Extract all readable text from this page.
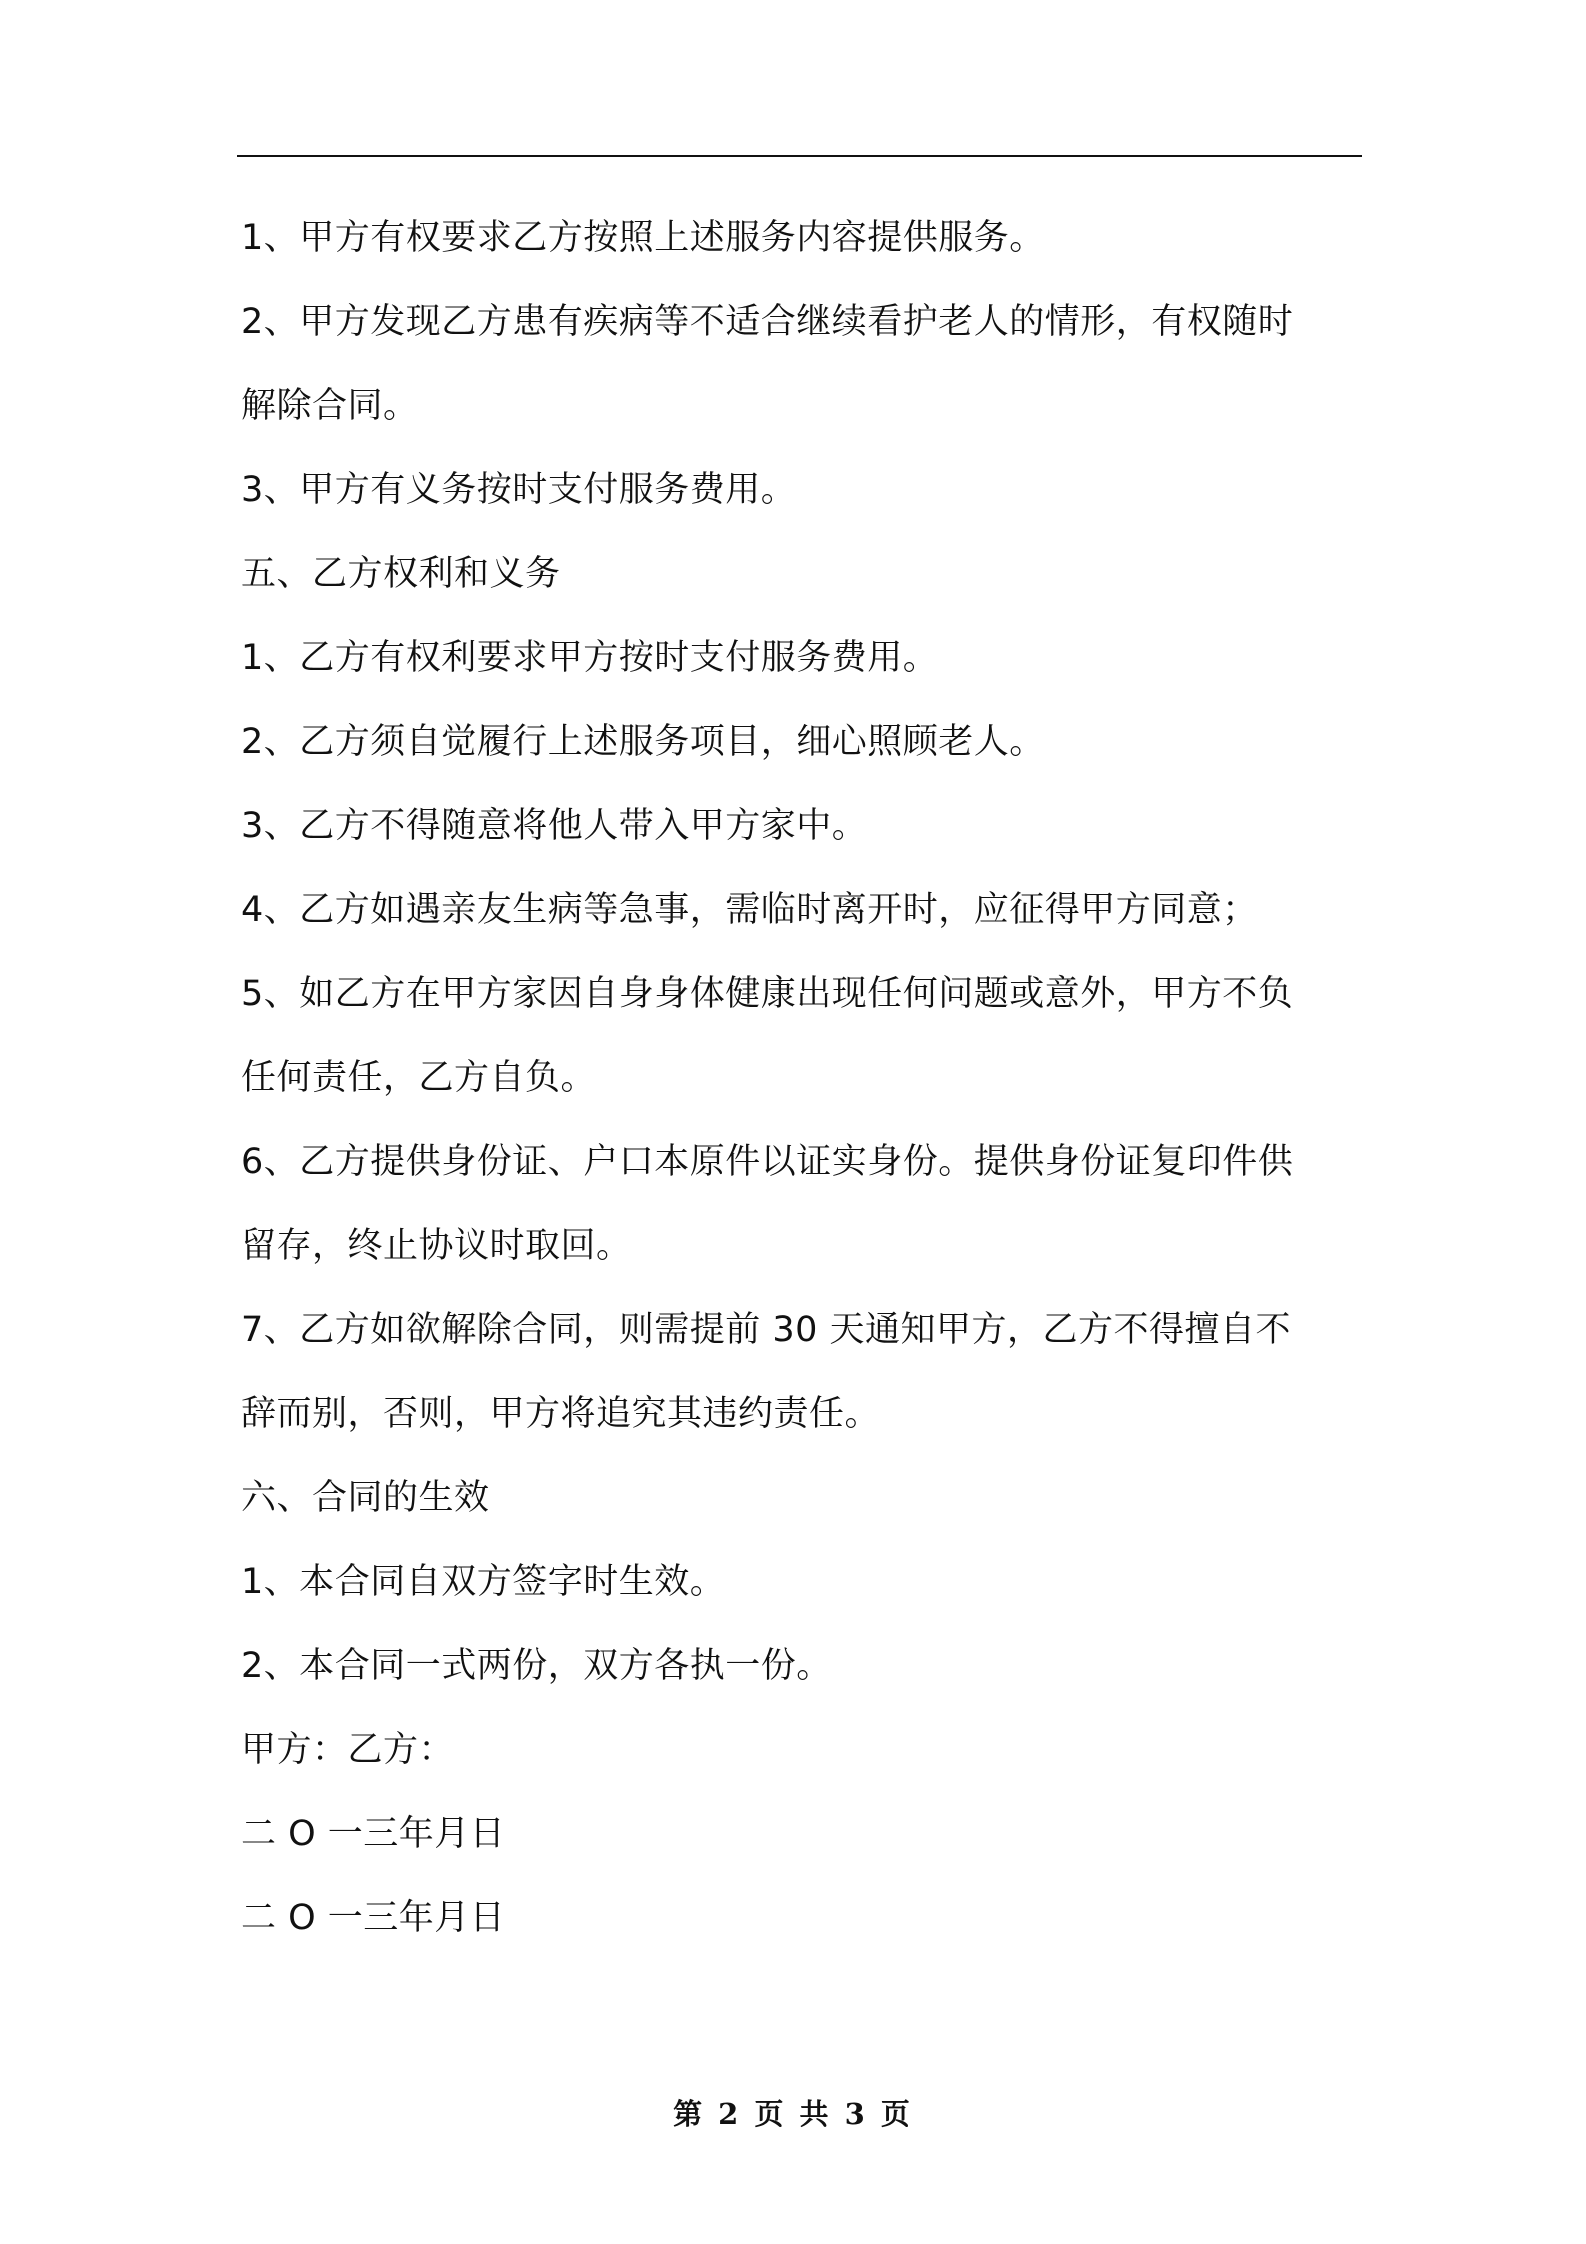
1、甲方有权要求乙方按照上述服务内容提供服务。
2、甲方发现乙方患有疾病等不适合继续看护老人的情形，有权随时
解除合同。
3、甲方有义务按时支付服务费用。
五、乙方权利和义务
1、乙方有权利要求甲方按时支付服务费用。
2、乙方须自觉履行上述服务项目，细心照顾老人。
3、乙方不得随意将他人带入甲方家中。
4、乙方如遇亲友生病等急事，需临时离开时，应征得甲方同意；
5、如乙方在甲方家因自身身体健康出现任何问题或意外，甲方不负
任何责任，乙方自负。
6、乙方提供身份证、户口本原件以证实身份。提供身份证复印件供
留存，终止协议时取回。
7、乙方如欲解除合同，则需提前 30 天通知甲方，乙方不得擅自不
辞而别，否则，甲方将追究其违约责任。
六、合同的生效
1、本合同自双方签字时生效。
2、本合同一式两份，双方各执一份。
甲方：乙方：
二 O 一三年月日
二 O 一三年月日
第 2 页 共 3 页
